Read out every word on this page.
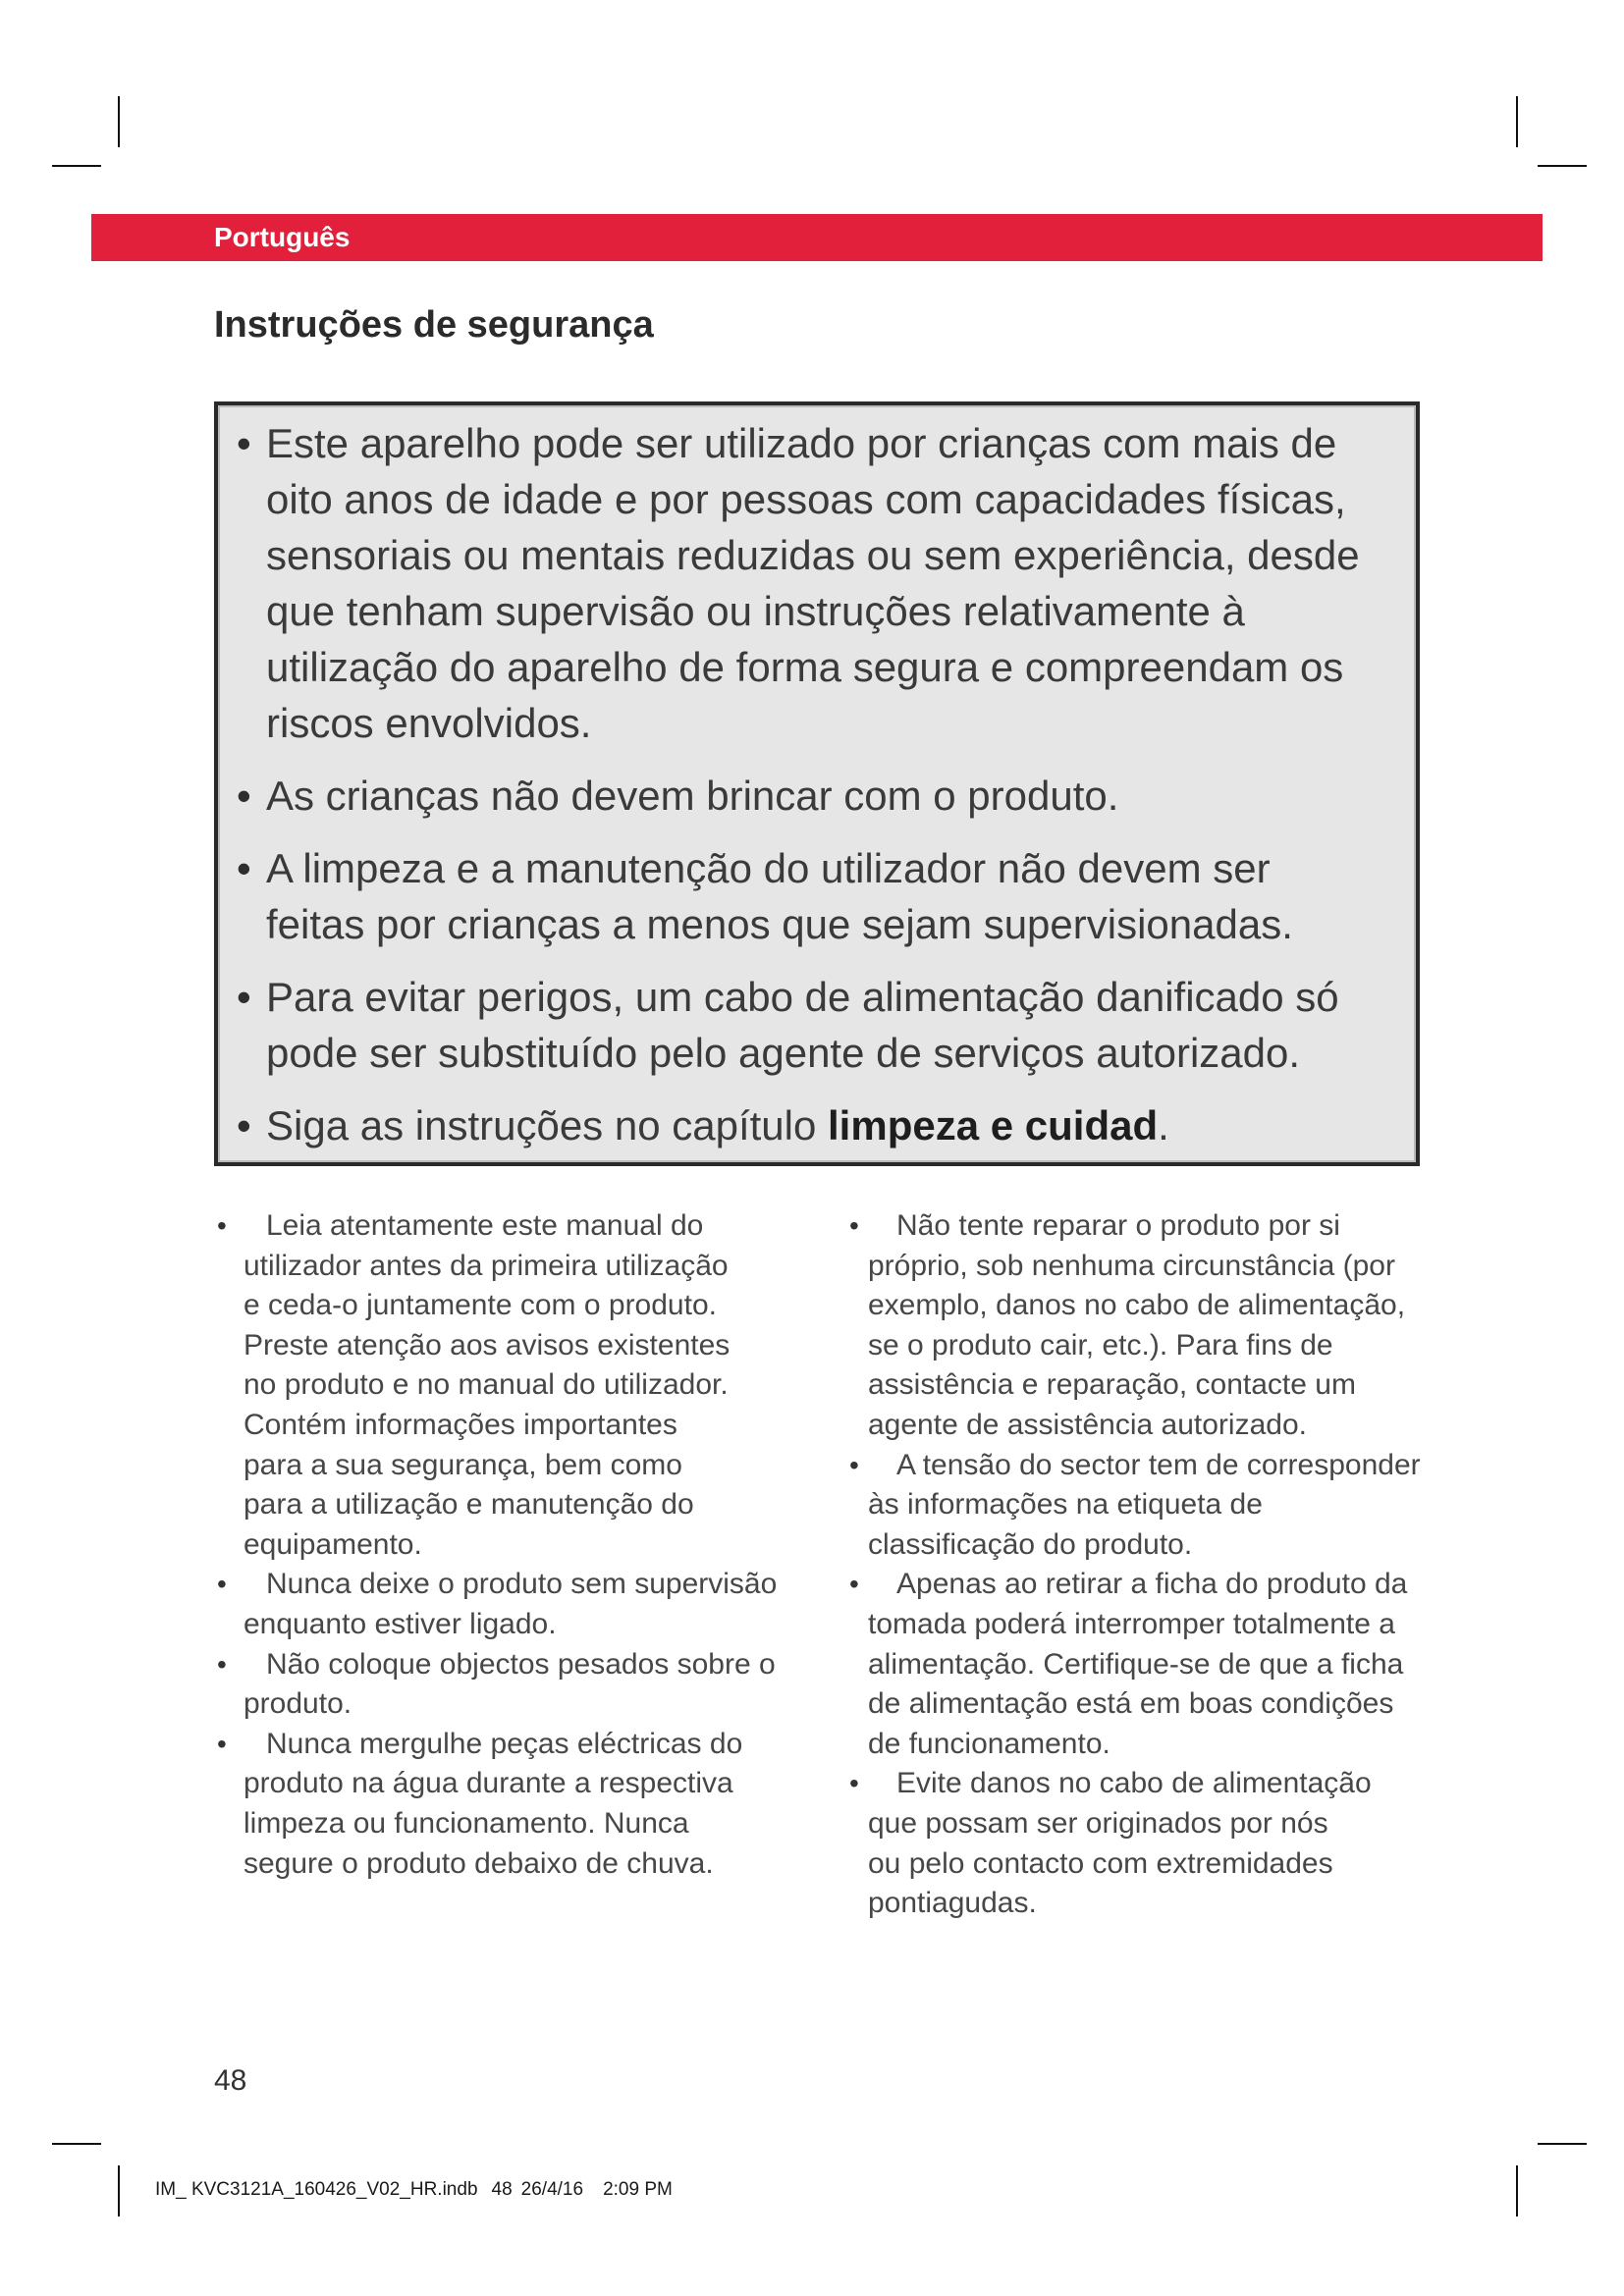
Português
Instruções de segurança
• Este aparelho pode ser utilizado por crianças com mais de
oito anos de idade e por pessoas com capacidades físicas,
sensoriais ou mentais reduzidas ou sem experiência, desde
que tenham supervisão ou instruções relativamente à
utilização do aparelho de forma segura e compreendam os
riscos envolvidos.
• As crianças não devem brincar com o produto.
• A limpeza e a manutenção do utilizador não devem ser
feitas por crianças a menos que sejam supervisionadas.
• Para evitar perigos, um cabo de alimentação danificado só
pode ser substituído pelo agente de serviços autorizado.
• Siga as instruções no capítulo limpeza e cuidad.
•	Leia atentamente este manual do
utilizador antes da primeira utilização
e ceda-o juntamente com o produto.
Preste atenção aos avisos existentes
no produto e no manual do utilizador.
Contém informações importantes
para a sua segurança, bem como
para a utilização e manutenção do
equipamento.
•	Nunca deixe o produto sem supervisão
enquanto estiver ligado.
•	Não coloque objectos pesados sobre o
produto.
•	Nunca mergulhe peças eléctricas do
produto na água durante a respectiva
limpeza ou funcionamento. Nunca
segure o produto debaixo de chuva.
•	Não tente reparar o produto por si
próprio, sob nenhuma circunstância (por
exemplo, danos no cabo de alimentação,
se o produto cair, etc.). Para fins de
assistência e reparação, contacte um
agente de assistência autorizado.
•	A tensão do sector tem de corresponder
às informações na etiqueta de
classificação do produto.
•	Apenas ao retirar a ficha do produto da
tomada poderá interromper totalmente a
alimentação. Certifique-se de que a ficha
de alimentação está em boas condições
de funcionamento.
•	Evite danos no cabo de alimentação
que possam ser originados por nós
ou pelo contacto com extremidades
pontiagudas.
48
IM_ KVC3121A_160426_V02_HR.indb 48 26/4/16 2:09 PM
